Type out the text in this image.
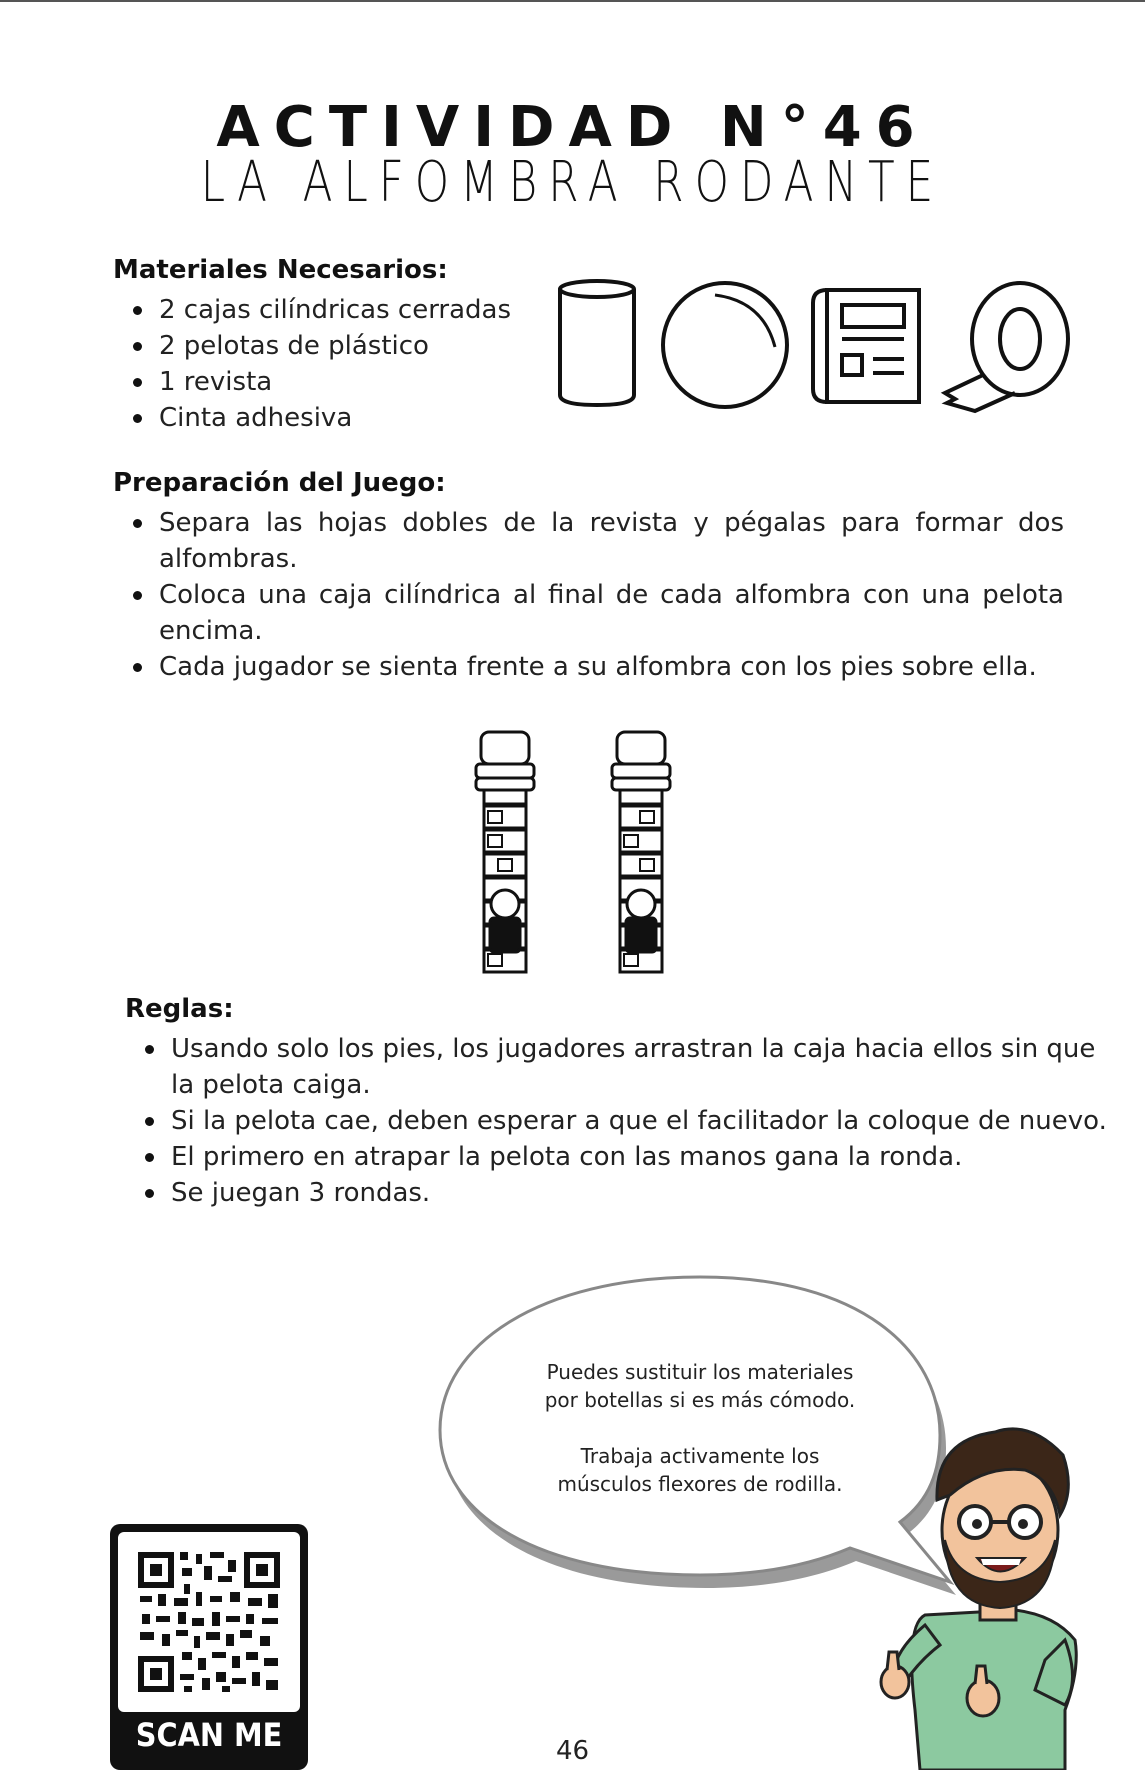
ACTIVIDAD N°46
LA ALFOMBRA RODANTE
Materiales Necesarios:
2 cajas cilíndricas cerradas
2 pelotas de plástico
1 revista
Cinta adhesiva
Preparación del Juego:
Separa las hojas dobles de la revista y pégalas para formar dos alfombras.
Coloca una caja cilíndrica al final de cada alfombra con una pelota encima.
Cada jugador se sienta frente a su alfombra con los pies sobre ella.
Reglas:
Usando solo los pies, los jugadores arrastran la caja hacia ellos sin que la pelota caiga.
Si la pelota cae, deben esperar a que el facilitador la coloque de nuevo.
El primero en atrapar la pelota con las manos gana la ronda.
Se juegan 3 rondas.
Puedes sustituir los materiales
por botellas si es más cómodo.
Trabaja activamente los
músculos flexores de rodilla.
SCAN ME	46
